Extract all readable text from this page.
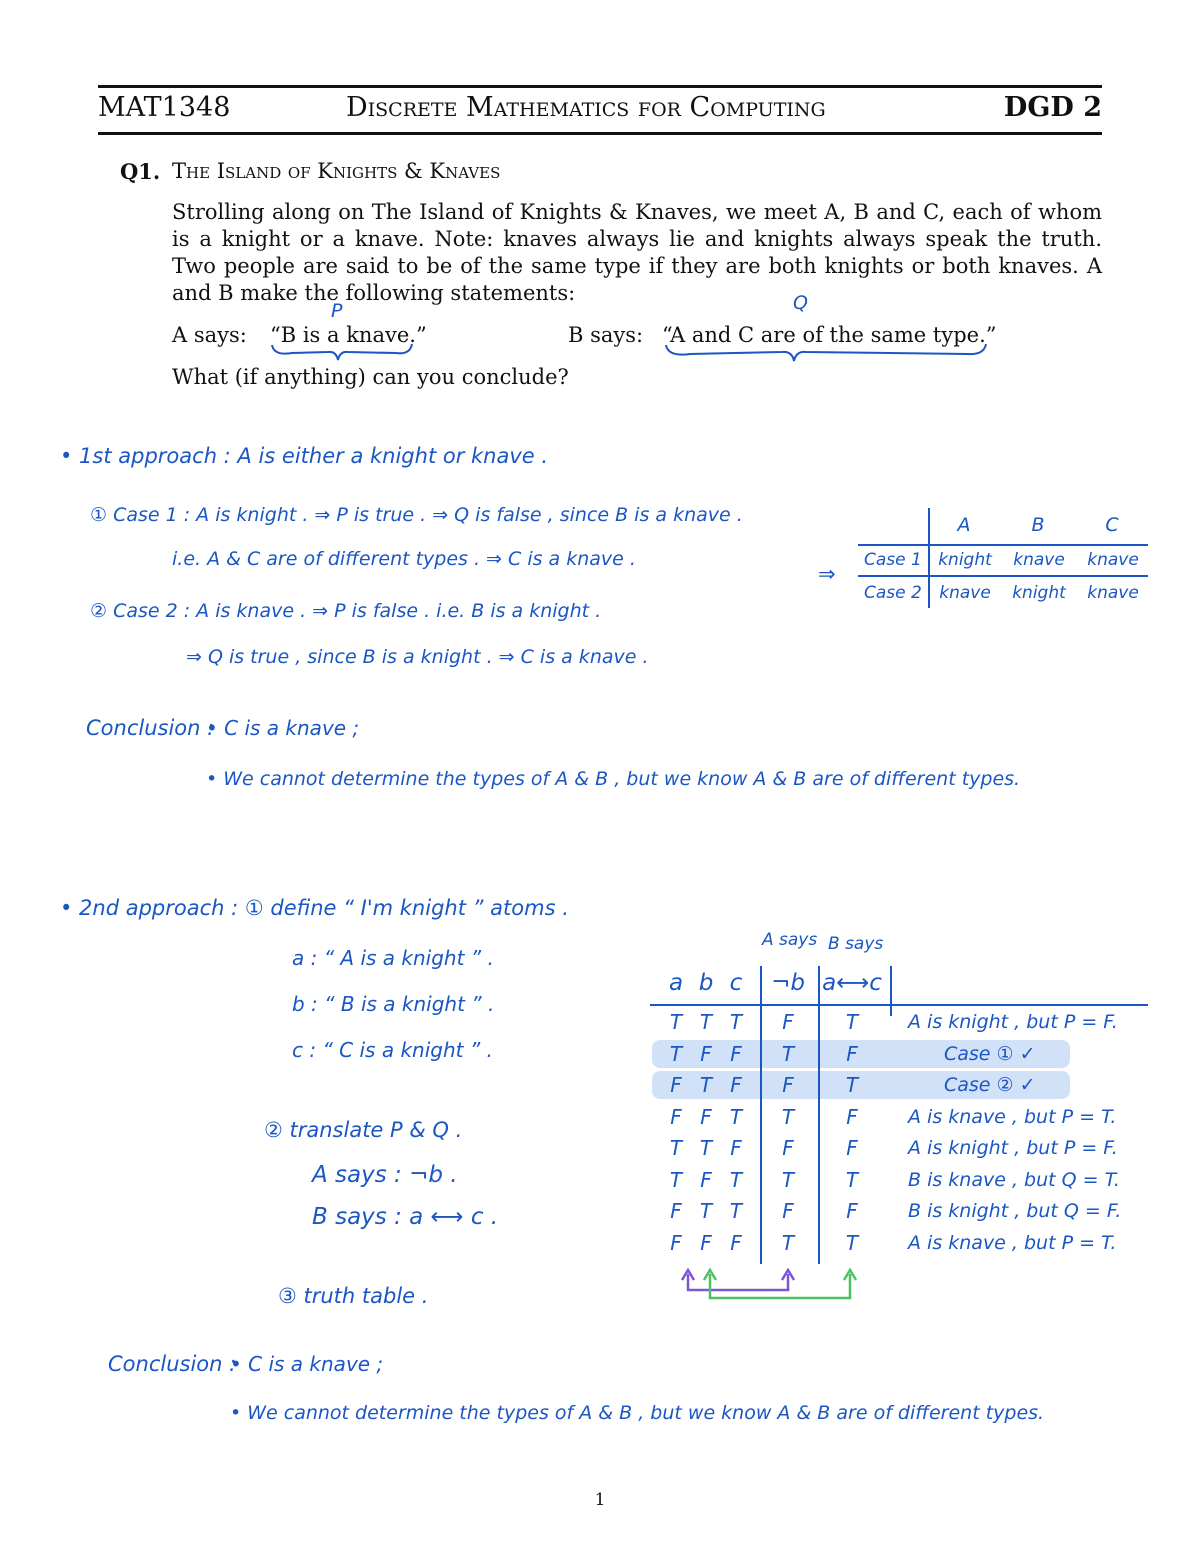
MAT1348	Discrete Mathematics for Computing	DGD 2
Q1. The Island of Knights & Knaves
Strolling along on The Island of Knights & Knaves, we meet A, B and C, each of whom is a knight or a knave. Note: knaves always lie and knights always speak the truth. Two people are said to be of the same type if they are both knights or both knaves. A and B make the following statements:
P	Q
A says: “B is a knave.”	B says: “A and C are of the same type.”
What (if anything) can you conclude?
• 1st approach : A is either a knight or knave .
① Case 1 : A is knight . ⇒ P is true . ⇒ Q is false , since B is a knave .
i.e. A & C are of different types . ⇒ C is a knave .
② Case 2 : A is knave . ⇒ P is false . i.e. B is a knight .
⇒ Q is true , since B is a knight . ⇒ C is a knave .
⇒
A	B	C
Case 1 knight	knave	knave
Case 2	knave	knight	knave
Conclusion :
• C is a knave ;
• We cannot determine the types of A & B , but we know A & B are of different types.
• 2nd approach : ① define “ I'm knight ” atoms .
a : “ A is a knight ” .
b : “ B is a knight ” .
c : “ C is a knight ” .
② translate P & Q .
A says : ¬b .
B says : a ⟷ c .
③ truth table .
A says B says
a b c	¬b a⟷c
T T T	F	T	A is knight , but P = F.
T F F	T	F	Case ① ✓
F T F	F	T	Case ② ✓
F F T	T	F	A is knave , but P = T.
T T F	F	F	A is knight , but P = F.
T F T	T	T	B is knave , but Q = T.
F T T	F	F	B is knight , but Q = F.
F F F	T	T	A is knave , but P = T.
Conclusion :
• C is a knave ;
• We cannot determine the types of A & B , but we know A & B are of different types.
1
